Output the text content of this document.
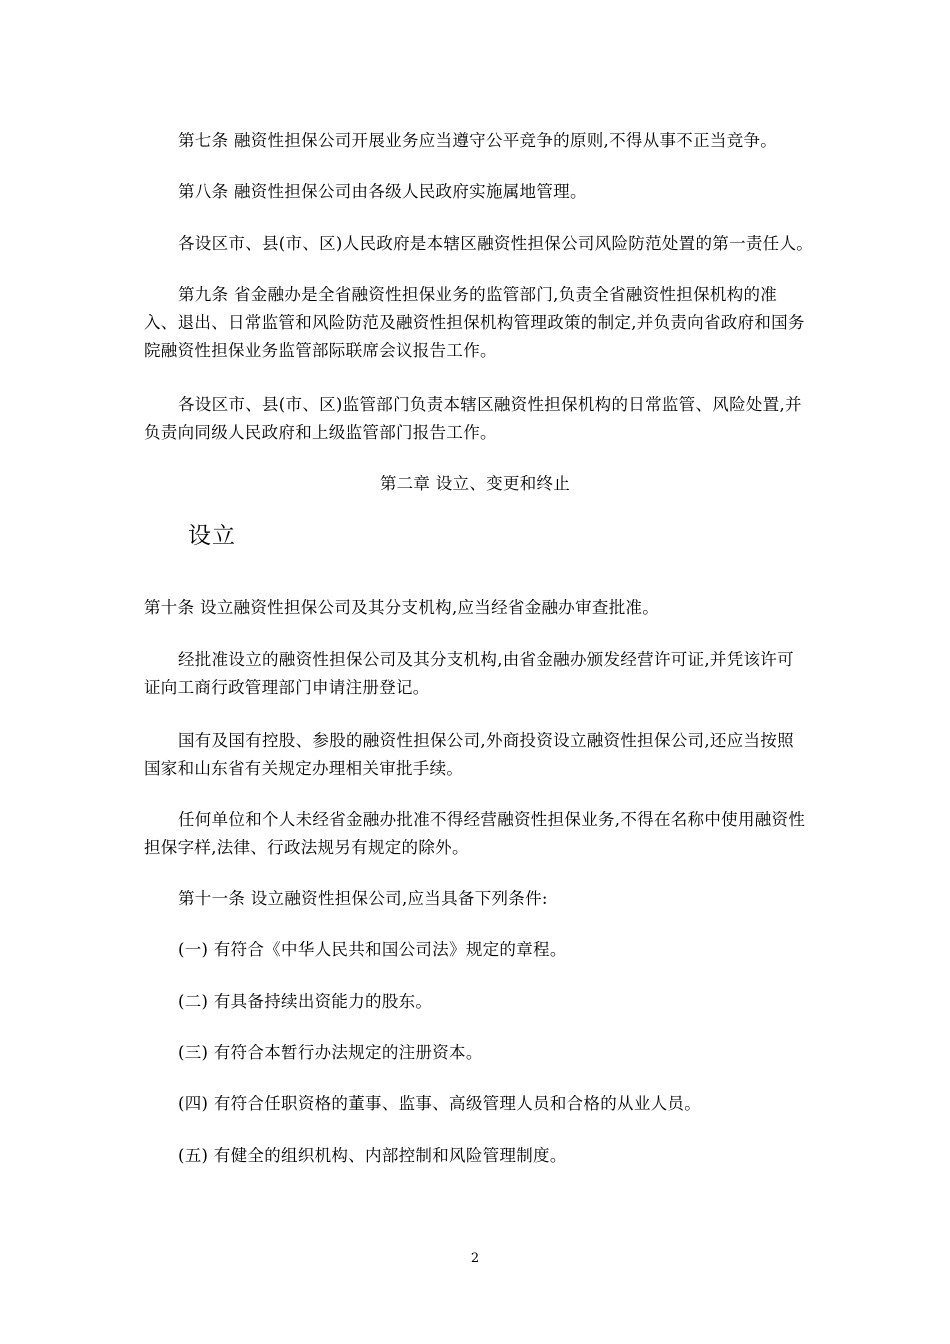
第七条 融资性担保公司开展业务应当遵守公平竞争的原则,不得从事不正当竞争。

第八条 融资性担保公司由各级人民政府实施属地管理。

各设区市、县(市、区)人民政府是本辖区融资性担保公司风险防范处置的第一责任人。

第九条 省金融办是全省融资性担保业务的监管部门,负责全省融资性担保机构的准入、退出、日常监管和风险防范及融资性担保机构管理政策的制定,并负责向省政府和国务院融资性担保业务监管部际联席会议报告工作。

各设区市、县(市、区)监管部门负责本辖区融资性担保机构的日常监管、风险处置,并负责向同级人民政府和上级监管部门报告工作。

第二章 设立、变更和终止

设立

第十条 设立融资性担保公司及其分支机构,应当经省金融办审查批准。

经批准设立的融资性担保公司及其分支机构,由省金融办颁发经营许可证,并凭该许可证向工商行政管理部门申请注册登记。

国有及国有控股、参股的融资性担保公司,外商投资设立融资性担保公司,还应当按照国家和山东省有关规定办理相关审批手续。

任何单位和个人未经省金融办批准不得经营融资性担保业务,不得在名称中使用融资性担保字样,法律、行政法规另有规定的除外。

第十一条 设立融资性担保公司,应当具备下列条件:

(一) 有符合《中华人民共和国公司法》规定的章程。

(二) 有具备持续出资能力的股东。

(三) 有符合本暂行办法规定的注册资本。

(四) 有符合任职资格的董事、监事、高级管理人员和合格的从业人员。

(五) 有健全的组织机构、内部控制和风险管理制度。

2
